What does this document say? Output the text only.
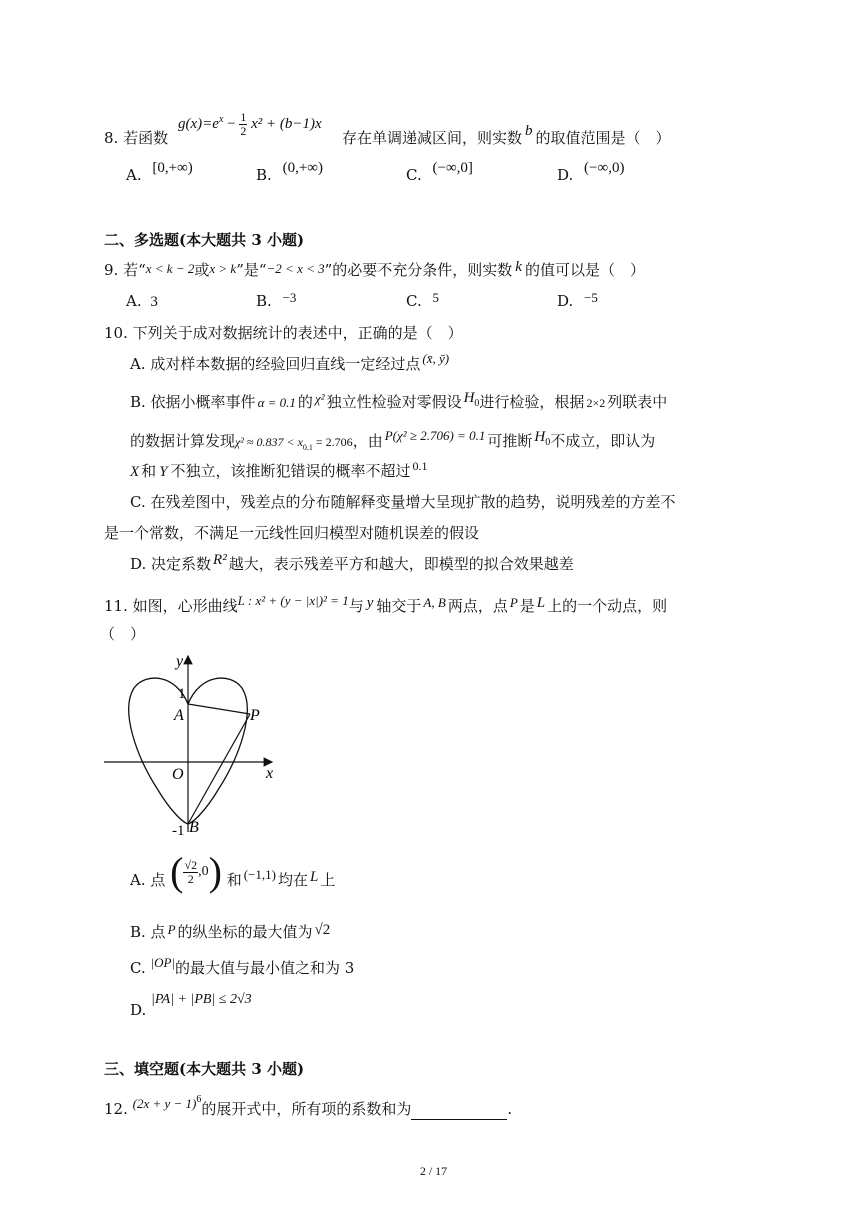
8. 若函数
$g(x)=e^x - \frac{1}{2} x^2 + (b-1)x$
存在单调递减区间，则实数 b 的取值范围是（　）
A. [0,+∞)	B. (0,+∞)	C. (−∞,0]	D. (−∞,0)
二、多选题(本大题共 3 小题)
9. 若“x < k − 2或x > k”是“−2 < x < 3”的必要不充分条件，则实数 k 的值可以是（　）
A. 3	B. −3	C. 5	D. −5
10. 下列关于成对数据统计的表述中，正确的是（　）
A. 成对样本数据的经验回归直线一定经过点 (x̄, ȳ)
B. 依据小概率事件 α = 0.1 的 χ² 独立性检验对零假设 $H_0$进行检验，根据 2×2 列联表中
的数据计算发现$\chi^2 \approx 0.837 < x_{0.1} = 2.706$，由 P(χ² ≥ 2.706) = 0.1 可推断 $H_0$不成立，即认为
X 和 Y 不独立，该推断犯错误的概率不超过 $^{0.1}$
C. 在残差图中，残差点的分布随解释变量增大呈现扩散的趋势，说明残差的方差不
是一个常数，不满足一元线性回归模型对随机误差的假设
D. 决定系数 R² 越大，表示残差平方和越大，即模型的拟合效果越差
11. 如图，心形曲线L : x² + (y − |x|)² = 1与 y 轴交于 A, B 两点，点 P 是 L 上的一个动点，则
（　）
y
x
1
A	P
O
-1 B
A. 点 ( $\frac{√2}{2} ,0$) 和 (−1,1) 均在 L 上
B. 点 P 的纵坐标的最大值为 √2
C. |OP|的最大值与最小值之和为 3
D. |PA| + |PB| ≤ 2√3
三、填空题(本大题共 3 小题)
12. $(2x + y - 1)^6$的展开式中，所有项的系数和为	.
2 / 17
